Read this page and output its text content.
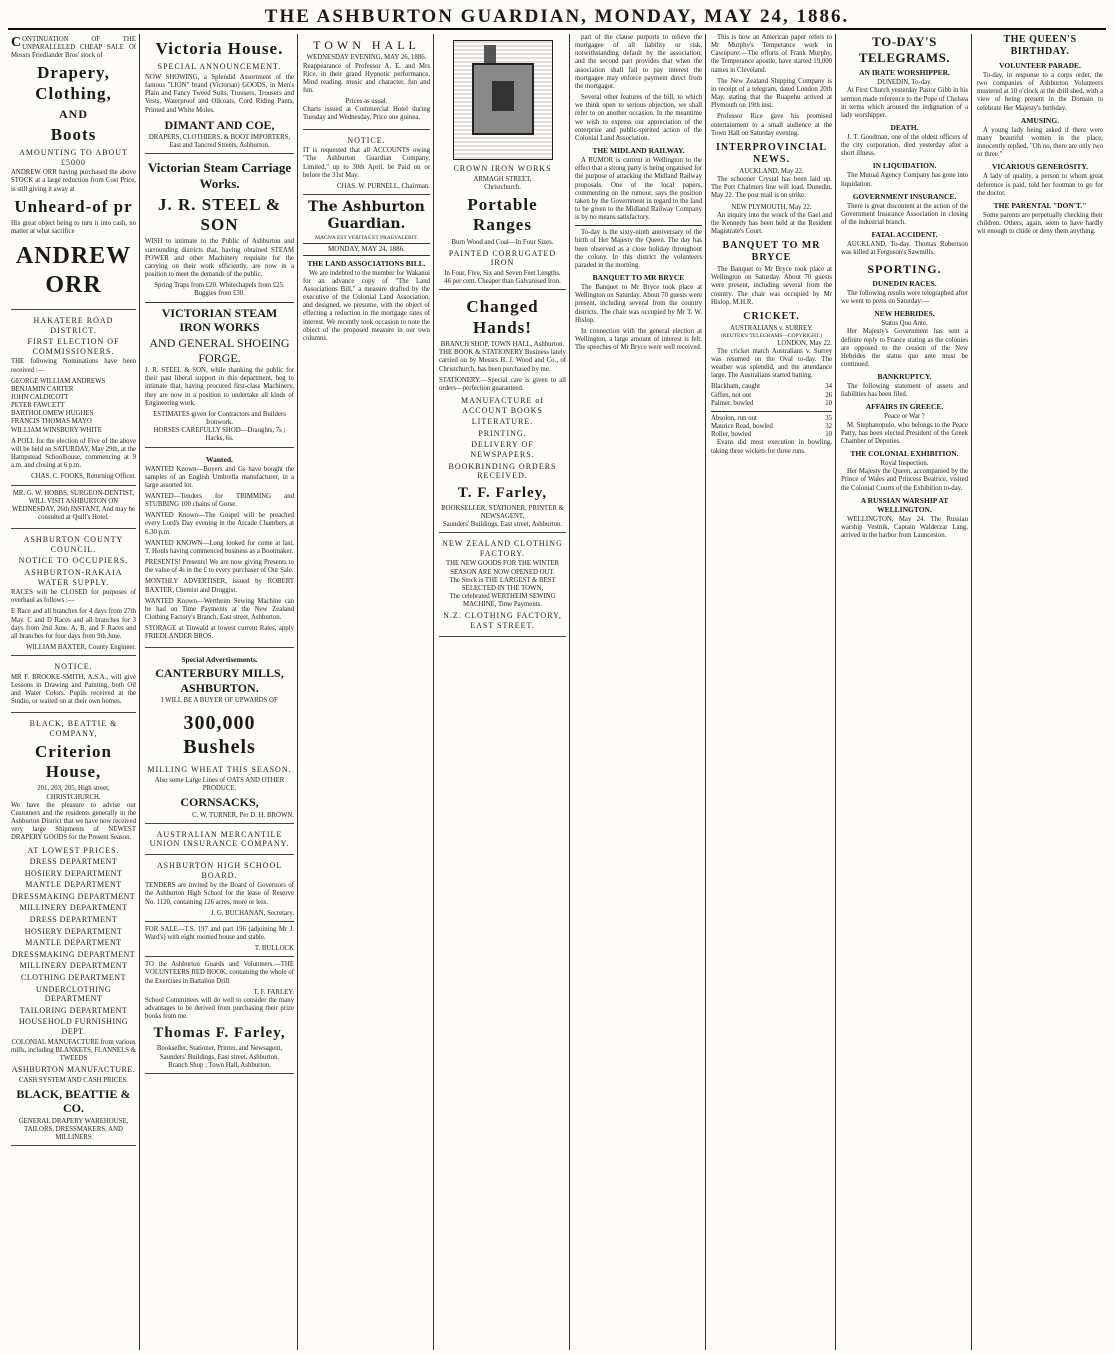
THE ASHBURTON GUARDIAN, MONDAY, MAY 24, 1886.
CONTINUATION OF THE UNPARALLELED CHEAP SALE Of Messrs Friedlander Bros' stock of
Drapery, Clothing,
AND
Boots
AMOUNTING TO ABOUT £5000
ANDREW ORR having purchased the above STOCK at a large reduction from Cost Price, is still giving it away at
Unheard-of pr
His great object being to turn it into cash, no matter at what sacrifice
ANDREW ORR
HAKATERE ROAD DISTRICT.
FIRST ELECTION OF COMMISSIONERS.
THE following Nominations have been received :—
GEORGE WILLIAM ANDREWS
BENJAMIN CARTER
JOHN CALDICOTT
PETER FAWCETT
BARTHOLOMEW HUGHES
FRANCIS THOMAS MAYO
WILLIAM WINSBURY WHITE
A POLL for the election of Five of the above will be held on SATURDAY, May 29th, at the Hampstead Schoolhouse, commencing at 9 a.m. and closing at 6 p.m.
CHAS. C. FOOKS, Returning Officer.
MR. G. W. HOBBS, SURGEON-DENTIST, WILL VISIT ASHBURTON ON WEDNESDAY, 26th INSTANT, And may be consulted at Quill's Hotel.
ASHBURTON COUNTY COUNCIL.
NOTICE TO OCCUPIERS.
ASHBURTON-RAKAIA WATER SUPPLY.
RACES will be CLOSED for purposes of overhaul as follows :—
E Race and all branches for 4 days from 27th May. C and D Races and all branches for 3 days from 2nd June. A, B, and F Races and all branches for four days from 9th June.
WILLIAM BAXTER, County Engineer.
NOTICE.
MR F. BROOKE-SMITH, A.S.A., will give Lessons in Drawing and Painting, both Oil and Water Colors. Pupils received at the Studio, or waited on at their own homes.
BLACK, BEATTIE & COMPANY,
Criterion House,
201, 203, 205, High street, CHRISTCHURCH.
We have the pleasure to advise our Customers and the residents generally in the Ashburton District that we have now received very large Shipments of NEWEST DRAPERY GOODS for the Present Season.
AT LOWEST PRICES.
DRESS DEPARTMENT
HOSIERY DEPARTMENT
MANTLE DEPARTMENT
DRESSMAKING DEPARTMENT
MILLINERY DEPARTMENT
DRESS DEPARTMENT
HOSIERY DEPARTMENT
MANTLE DEPARTMENT
DRESSMAKING DEPARTMENT
MILLINERY DEPARTMENT
CLOTHING DEPARTMENT
UNDERCLOTHING DEPARTMENT
TAILORING DEPARTMENT
HOUSEHOLD FURNISHING DEPT.
COLONIAL MANUFACTURE from various mills, including BLANKETS, FLANNELS & TWEEDS
ASHBURTON MANUFACTURE.
CASH SYSTEM AND CASH PRICES.
BLACK, BEATTIE & CO.
GENERAL DRAPERY WAREHOUSE, TAILORS, DRESSMAKERS, AND MILLINERS
Victoria House.
SPECIAL ANNOUNCEMENT.
NOW SHOWING, a Splendid Assortment of the famous "LION" brand (Victorian) GOODS, in Men's Plain and Fancy Tweed Suits, Trousers, Trousers and Vests, Waterproof and Oilcoats, Cord Riding Pants, Printed and White Moles.
DIMANT AND COE,
DRAPERS, CLOTHIERS, & BOOT IMPORTERS, East and Tancred Streets, Ashburton.
Victorian Steam Carriage Works.
J. R. STEEL & SON
WISH to intimate to the Public of Ashburton and surrounding districts that, having obtained STEAM POWER and other Machinery requisite for the carrying on their work efficiently, are now in a position to meet the demands of the public.
Spring Traps from £20. Whitechapels from £25. Buggies from £30.
VICTORIAN STEAM IRON WORKS
AND GENERAL SHOEING FORGE.
J. R. STEEL & SON, while thanking the public for their past liberal support in this department, beg to intimate that, having procured first-class Machinery, they are now in a position to undertake all kinds of Engineering work.
ESTIMATES given for Contractors and Builders Ironwork.
HORSES CAREFULLY SHOD—Draughts, 7s ; Hacks, 6s.
Wanted.
WANTED Known—Buyers and Gs have bought the samples of an English Umbrella manufacturer, in a large assorted lot.
WANTED—Tenders for TRIMMING and STUBBING 100 chains of Gorse.
WANTED Known—The Gospel will be preached every Lord's Day evening in the Arcade Chambers at 6.30 p.m.
WANTED KNOWN—Long looked for come at last, T. Houls having commenced business as a Bootmaker.
PRESENTS! Presents! We are now giving Presents to the value of 4s in the £ to every purchaser of Our Sale.
MONTHLY ADVERTISER, issued by ROBERT BAXTER, Chemist and Druggist.
WANTED Known—Wertheim Sewing Machine can be had on Time Payments at the New Zealand Clothing Factory's Branch, East street, Ashburton.
STORAGE at Tinwald at lowest current Rates, apply FRIEDLANDER BROS.
Special Advertisements.
CANTERBURY MILLS, ASHBURTON.
I WILL BE A BUYER OF UPWARDS OF
300,000 Bushels
MILLING WHEAT THIS SEASON.
Also some Large Lines of OATS AND OTHER PRODUCE.
CORNSACKS,
C. W. TURNER, Per D. H. BROWN.
AUSTRALIAN MERCANTILE UNION INSURANCE COMPANY.
ASHBURTON HIGH SCHOOL BOARD.
TENDERS are invited by the Board of Governors of the Ashburton High School for the lease of Reserve No. 1120, containing 126 acres, more or less.
J. G. BUCHANAN, Secretary.
FOR SALE—T.S. 197 and part 196 (adjoining Mr J. Ward's) with eight roomed house and stable.
T. BULLOCK
TO the Ashburton Guards and Volunteers.—THE VOLUNTEERS RED BOOK, containing the whole of the Exercises in Battalion Drill.
T. F. FARLEY.
School Committees will do well to consider the many advantages to be derived from purchasing their prize books from me.
Thomas F. Farley,
Bookseller, Stationer, Printer, and Newsagent,
Saunders' Buildings, East street, Ashburton.
Branch Shop ; Town Hall, Ashburton.
TOWN HALL
WEDNESDAY EVENING, MAY 26, 1886.
Reappearance of Professor A. E. and Mrs Rice, in their grand Hypnotic performance, Mind reading, music and character, fun and fun.
Prices as usual.
Charts issued at Commercial Hotel during Tuesday and Wednesday. Price one guinea.
NOTICE.
IT is requested that all ACCOUNTS owing "The Ashburton Guardian Company, Limited," up to 30th April, be Paid on or before the 31st May.
CHAS. W. PURNELL, Chairman.
The Ashburton Guardian.
MAGNA EST VERITAS ET PRAEVALEBIT.
MONDAY, MAY 24, 1886.
THE LAND ASSOCIATIONS BILL.

We are indebted to the member for Wakanui for an advance copy of "The Land Associations Bill," a measure drafted by the executive of the Colonial Land Association, and designed, we presume, with the object of effecting a reduction in the mortgage rates of interest. We recently took occasion to note the object of the proposed measure in our own columns.

CROWN IRON WORKS
ARMAGH STREET,
Christchurch.
Portable Ranges
Burn Wood and Coal—In Four Sizes.
PAINTED CORRUGATED IRON
In Four, Five, Six and Seven Feet Lengths.
46 per cent. Cheaper than Galvanised Iron.
Changed Hands!
BRANCH SHOP, TOWN HALL, Ashburton.
THE BOOK & STATIONERY Business lately carried on by Messrs H. J. Wood and Co., of Christchurch, has been purchased by me.
STATIONERY.—Special care is given to all orders—perfection guaranteed.
MANUFACTURE of ACCOUNT BOOKS
LITERATURE.
PRINTING.
DELIVERY OF NEWSPAPERS.
BOOKBINDING ORDERS RECEIVED.
T. F. Farley,
BOOKSELLER, STATIONER, PRINTER & NEWSAGENT,
Saunders' Buildings, East street, Ashburton.
NEW ZEALAND CLOTHING FACTORY.
THE NEW GOODS FOR THE WINTER SEASON ARE NOW OPENED OUT.
The Stock is THE LARGEST & BEST SELECTED IN THE TOWN,
The celebrated WERTHEIM SEWING MACHINE, Time Payments.
N.Z. CLOTHING FACTORY, EAST STREET.

part of the clause purports to relieve the mortgagee of all liability or risk, notwithstanding default by the association; and the second part provides that when the association shall fail to pay interest the mortgagee may enforce payment direct from the mortgagor.

Several other features of the bill, to which we think open to serious objection, we shall refer to on another occasion. In the meantime we wish to express our appreciation of the enterprise and public-spirited action of the Colonial Land Association.

THE MIDLAND RAILWAY.

A RUMOR is current in Wellington to the effect that a strong party is being organised for the purpose of attacking the Midland Railway proposals. One of the local papers, commenting on the rumour, says the position taken by the Government in regard to the land to be given to the Midland Railway Company is by no means satisfactory.

To-day is the sixty-ninth anniversary of the birth of Her Majesty the Queen. The day has been observed as a close holiday throughout the colony. In this district the volunteers paraded in the morning.

BANQUET TO MR BRYCE

The Banquet to Mr Bryce took place at Wellington on Saturday. About 70 guests were present, including several from the country districts. The chair was occupied by Mr T. W. Hislop.

In connection with the general election at Wellington, a large amount of interest is felt. The speeches of Mr Bryce were well received.

This is how an American paper refers to Mr Murphy's Temperance work in Cawnpore:—The efforts of Frank Murphy, the Temperance apostle, have started 19,000 names in Cleveland.

The New Zealand Shipping Company is in receipt of a telegram, dated London 20th May, stating that the Ruapehu arrived at Plymouth on 19th inst.

Professor Rice gave his promised entertainment to a small audience at the Town Hall on Saturday evening.

INTERPROVINCIAL NEWS.
AUCKLAND, May 22.

The schooner Crystal has been laid up. The Port Chalmers line will load. Dunedin, May 22. The post mail is on strike.

NEW PLYMOUTH, May 22.

An inquiry into the wreck of the Gael and the Kennedy has been held at the Resident Magistrate's Court.

BANQUET TO MR BRYCE

The Banquet to Mr Bryce took place at Wellington on Saturday. About 70 guests were present, including several from the country. The chair was occupied by Mr Hislop, M.H.R.

CRICKET.
AUSTRALIANS v. SURREY.
(REUTER'S TELEGRAMS—COPYRIGHT.)
LONDON, May 22.

The cricket match Australians v. Surrey was resumed on the Oval to-day. The weather was splendid, and the attendance large. The Australians started batting.

Blackham, caught	34
Giffen, not out	26
Palmer, bowled	10
Absolon, run out	35
Maurice Read, bowled	32
Roller, bowled	10

Evans did most execution in bowling, taking three wickets for three runs.

TO-DAY'S TELEGRAMS.
AN IRATE WORSHIPPER.
DUNEDIN, To-day.

At First Church yesterday Pastor Gibb in his sermon made reference to the Pope of Chelsea in terms which aroused the indignation of a lady worshipper.

DEATH.

J. T. Goodman, one of the oldest officers of the city corporation, died yesterday after a short illness.

IN LIQUIDATION.

The Mutual Agency Company has gone into liquidation.

GOVERNMENT INSURANCE.

There is great discontent at the action of the Government Insurance Association in closing of the industrial branch.

FATAL ACCIDENT.

AUCKLAND, To-day. Thomas Robertson was killed at Ferguson's Sawmills.

SPORTING.
DUNEDIN RACES.

The following results were telegraphed after we went to press on Saturday:—

NEW HEBRIDES.
Status Quo Ante.

Her Majesty's Government has sent a definite reply to France stating as the colonies are opposed to the cession of the New Hebrides the status quo ante must be continued.

BANKRUPTCY.

The following statement of assets and liabilities has been filed.

AFFAIRS IN GREECE.
Peace or War ?

M. Stephanopulo, who belongs to the Peace Party, has been elected President of the Greek Chamber of Deputies.

THE COLONIAL EXHIBITION.
Royal Inspection.

Her Majesty the Queen, accompanied by the Prince of Wales and Princess Beatrice, visited the Colonial Courts of the Exhibition to-day.

A RUSSIAN WARSHIP AT WELLINGTON.

WELLINGTON, May 24. The Russian warship Vestnik, Captain Walderzar Lang, arrived in the harbor from Launceston.

THE QUEEN'S BIRTHDAY.
VOLUNTEER PARADE.

To-day, in response to a corps order, the two companies of Ashburton Volunteers mustered at 10 o'clock at the drill shed, with a view of being present in the Domain to celebrate Her Majesty's birthday.

AMUSING.

A young lady being asked if there were many beautiful women in the place, innocently replied, "Oh no, there are only two or three."

VICARIOUS GENEROSITY.

A lady of quality, a person to whom great deference is paid, told her footman to go for the doctor.

THE PARENTAL "DON'T."

Some parents are perpetually checking their children. Others, again, seem to have hardly wit enough to chide or deny them anything.
